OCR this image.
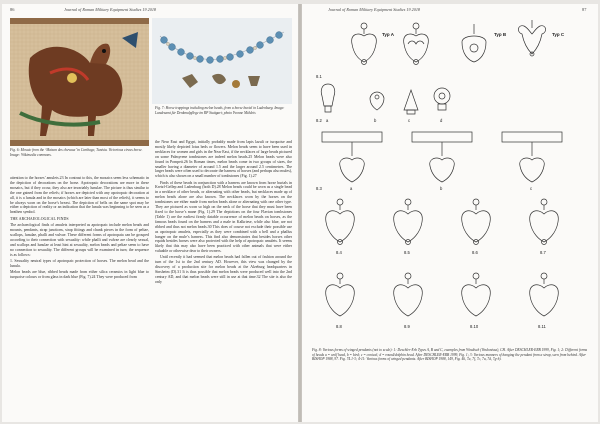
86	Journal of Roman Military Equipment Studies 19 2018
Fig. 6: Mosaic from the ‘Maison des chevaux’ in Carthage, Tunisia. Victorious circus horse. Image: Wikimedia commons.
Fig. 7: Horse trappings including melon beads, from a horse burial in Ladenburg. Image: Landesamt für Denkmalpflege im RP Stuttgart; photo Yvonne Mühleis

attention to the horses’ amulets.23 In contrast to this, the mosaics seem less schematic in the depiction of decorations on the horse. Apotropaic decorations are more in these mosaics, but if they occur, they also are invariably lunulae. The picture is thus similar to the one gained from the reliefs; if horses are depicted with any apotropaic decoration at all, it is a lunula and in the mosaics (which are later than most of the reliefs), it seems to be always worn on the horse’s breast. The depiction of bells on the same spot may be either a depiction of reality or an indication that the lunula was beginning to be seen as a heathen symbol.

THE ARCHAEOLOGICAL FINDS

The archaeological finds of amulets interpreted as apotropaic include melon beads and mounts, pendants, strap junctions, strap fittings and chunk pieces in the form of peltae, scallops, lunulae, phalli and vulvae. These different forms of apotropaia can be grouped according to their connection with sexuality: while phalli and vulvae are clearly sexual, and scallops and lunulae at least hint at sexuality, melon beads and peltae seem to have no connection to sexuality. The different groups will be examined in turn; the sequence is as follows:

1. Sexuality neutral types of apotropaic protection of horses. The melon bead and the lunula.

Melon beads are blue, ribbed beads made from either silica ceramics in light blue to turquoise colours or from glass in dark blue (Fig. 7).24 They were produced from

the Near East and Egypt, initially probably made from lapis lazuli or turquoise and mostly likely depicted lotus beds or flowers. Melon beads seem to have been used in necklaces for women and girls in the Near East, if the necklaces of large beads pictured on some Palmyrene tombstones are indeed melon beads.25 Melon beads were also found in Pompeii.26 In Roman times, melon beads come in two groups of sizes, the smaller having a diameter of around 1.5 and the larger around 2.5 centimetres. The larger beads were often used to decorate the harness of horses (and perhaps also mules), which is also shown on a small number of tombstones (Fig. 1).27

Finds of these beads in conjunction with a harness are known from horse burials in Kretzl-Gellep and Ladenburg (both D).28 Melon beads could be worn as a single bead in a necklace of other beads, or alternating with other beads, but necklaces made up of melon beads alone are also known. The necklaces worn by the horses on the tombstones are either made from melon beads alone or alternating with one other type. They are pictured as worn so high on the neck of the horse that they must have been fixed to the horse’s mane (Fig. 1).29 The depictions on the four Flavian tombstones (Table 1) are the earliest firmly datable occurrence of melon beads on horses, as the famous beads found on the harness and a male in Kalkriese, while also blue, are not ribbed and thus not melon beads.30 This does of course not exclude their possible use as apotropaic amulets, especially as they were combined with a bell and a phallus hanger on the mule’s harness. This find also demonstrates that besides horses other equids besides horses were also protected with the help of apotropaic amulets. It seems likely that this may also have been practiced with other animals that were either valuable or otherwise dear to their owners.

Until recently it had seemed that melon beads had fallen out of fashion around the turn of the 1st to the 2nd century AD. However, this view was changed by the discovery of a production site for melon beads at the Alzeburg headquarters in Sinsheim (D).31 It is thus possible that melon beads were produced well into the 2nd century AD, and that melon beads were still in use at that time.32 The site is also the only

Journal of Roman Military Equipment Studies 19 2018	87
Typ A	Typ B	Typ C
8.1
8.2
8.3
8.4	8.5	8.6	8.7
8.8	8.9	8.10	8.11
a	b	c	d
a	b	c
Fig. 8: Various forms of winged pendants (not to scale): 1: Deschler-Erb Types A, B and C, examples from Windisch (Vindonissa), CH. After DESCHLER-ERB 1999, Fig. 1; 2: Different forms of heads a = wolf head, b = bird; c = conical; d = round/dolphin head. After DESCHLER-ERB 1999, Fig. 1; 3: Various manners of hanging the pendant from a strap, seen from behind. After BISHOP 1988, 97. Fig. 74.1-3; 4-11: Various forms of winged pendants. After BISHOP 1988, 149, Fig. 46, 7a, 7f, 7c, 7a, 7d, 7g-h).
